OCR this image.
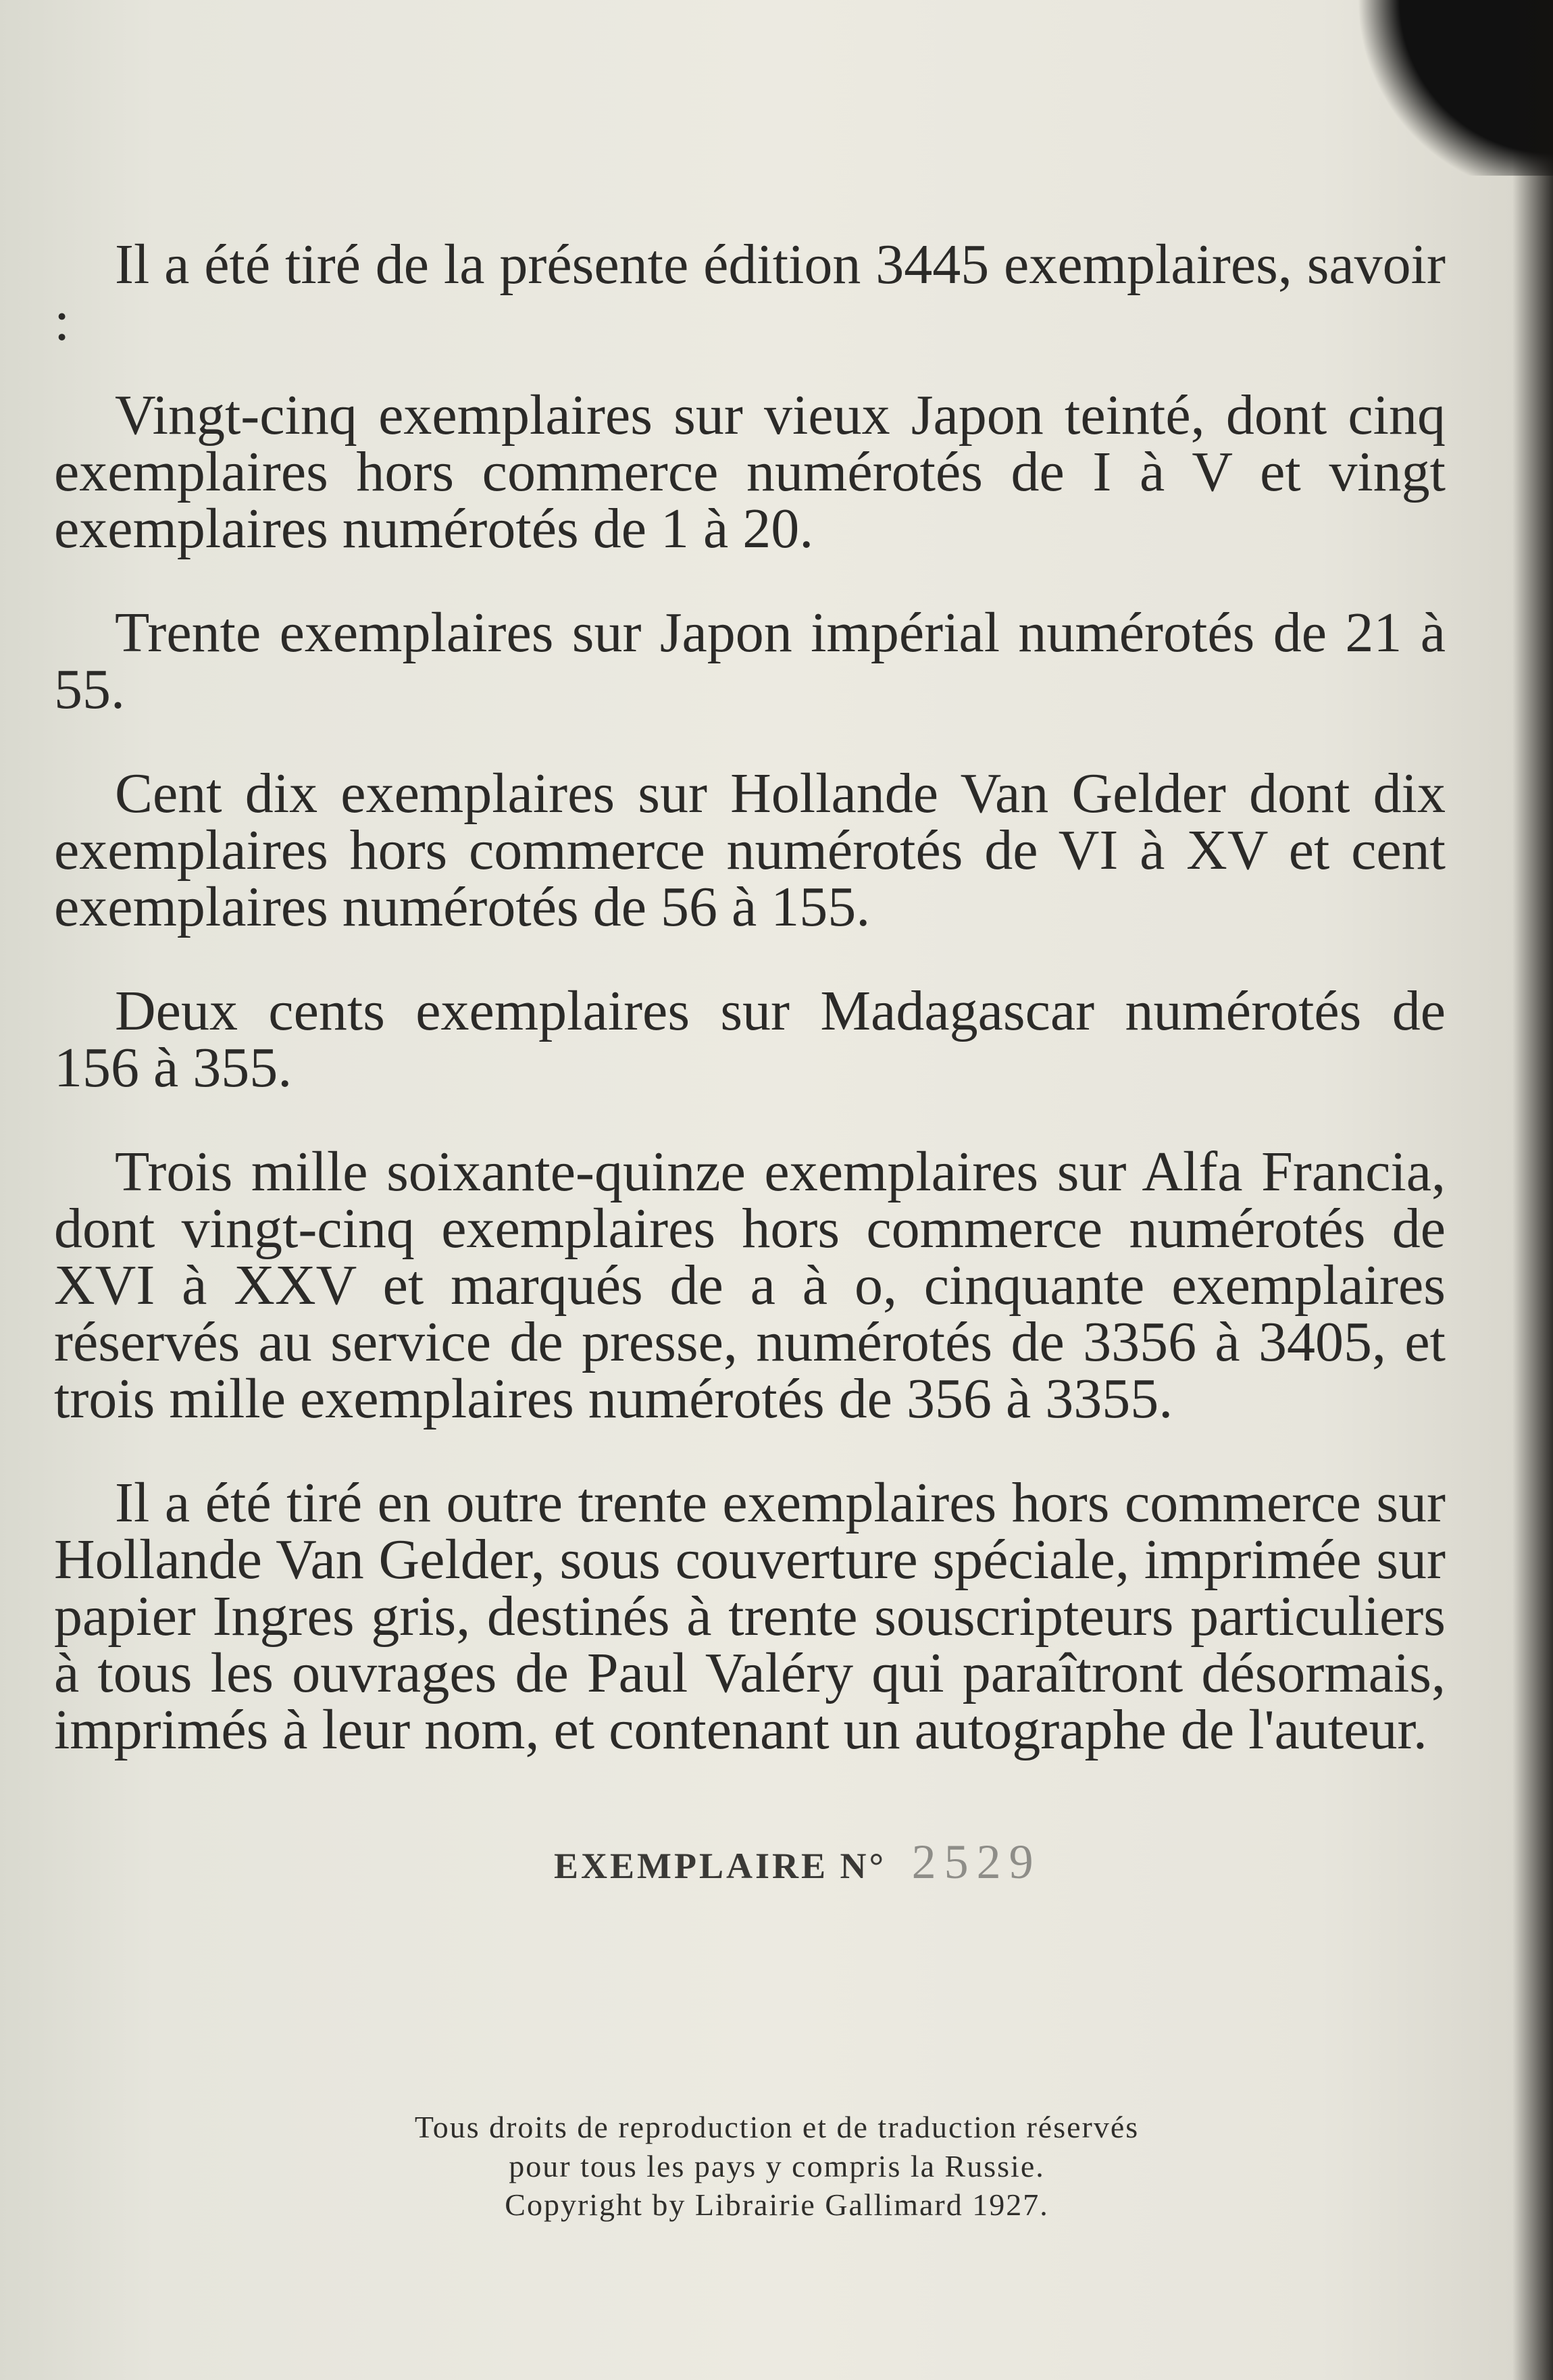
Il a été tiré de la présente édition 3445 exemplaires, savoir :

Vingt-cinq exemplaires sur vieux Japon teinté, dont cinq exemplaires hors commerce numérotés de I à V et vingt exemplaires numérotés de 1 à 20.

Trente exemplaires sur Japon impérial numérotés de 21 à 55.

Cent dix exemplaires sur Hollande Van Gelder dont dix exemplaires hors commerce numérotés de VI à XV et cent exemplaires numérotés de 56 à 155.

Deux cents exemplaires sur Madagascar numérotés de 156 à 355.

Trois mille soixante-quinze exemplaires sur Alfa Francia, dont vingt-cinq exemplaires hors commerce numérotés de XVI à XXV et marqués de a à o, cinquante exemplaires réservés au service de presse, numérotés de 3356 à 3405, et trois mille exemplaires numérotés de 356 à 3355.

Il a été tiré en outre trente exemplaires hors commerce sur Hollande Van Gelder, sous couverture spéciale, imprimée sur papier Ingres gris, destinés à trente souscripteurs particuliers à tous les ouvrages de Paul Valéry qui paraîtront désormais, imprimés à leur nom, et contenant un autographe de l'auteur.

EXEMPLAIRE N° 2529
Tous droits de reproduction et de traduction réservés
pour tous les pays y compris la Russie.
Copyright by Librairie Gallimard 1927.
